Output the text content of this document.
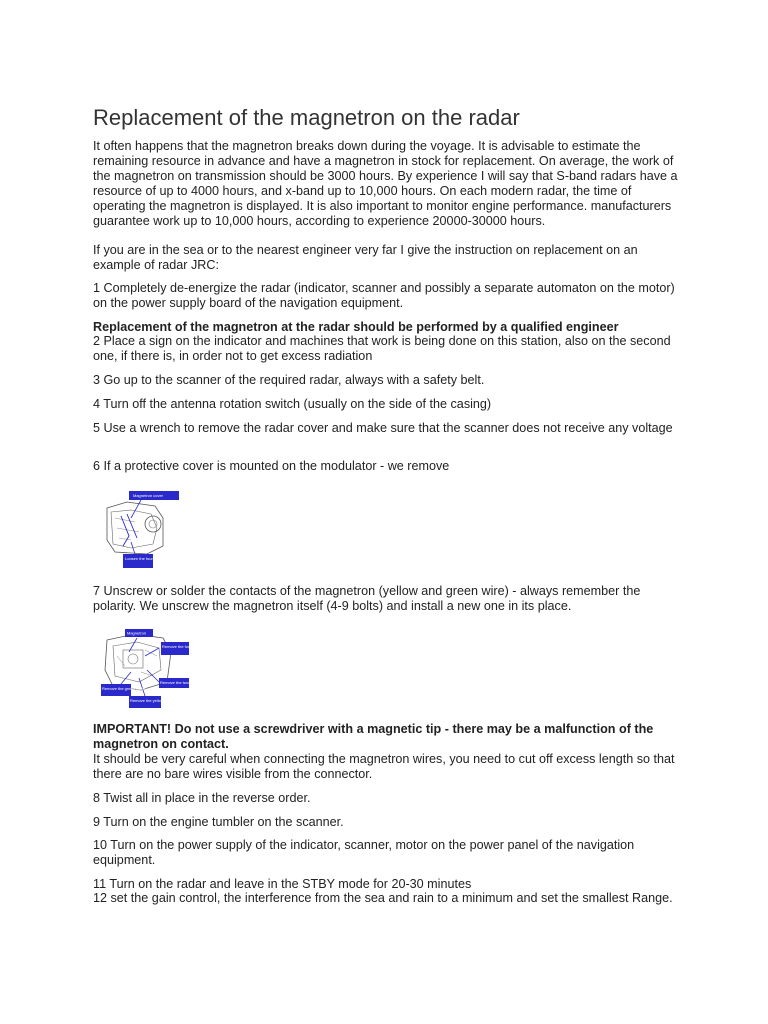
Replacement of the magnetron on the radar

It often happens that the magnetron breaks down during the voyage. It is advisable to estimate the remaining resource in advance and have a magnetron in stock for replacement. On average, the work of the magnetron on transmission should be 3000 hours. By experience I will say that S-band radars have a resource of up to 4000 hours, and x-band up to 10,000 hours. On each modern radar, the time of operating the magnetron is displayed. It is also important to monitor engine performance. manufacturers guarantee work up to 10,000 hours, according to experience 20000-30000 hours.

If you are in the sea or to the nearest engineer very far I give the instruction on replacement on an example of radar JRC:

1 Completely de-energize the radar (indicator, scanner and possibly a separate automaton on the motor) on the power supply board of the navigation equipment.

Replacement of the magnetron at the radar should be performed by a qualified engineer

2 Place a sign on the indicator and machines that work is being done on this station, also on the second one, if there is, in order not to get excess radiation

3 Go up to the scanner of the required radar, always with a safety belt.

4 Turn off the antenna rotation switch (usually on the side of the casing)

5 Use a wrench to remove the radar cover and make sure that the scanner does not receive any voltage

6 If a protective cover is mounted on the modulator - we remove

Magnetron cover
Loosen the four screws.

7 Unscrew or solder the contacts of the magnetron (yellow and green wire) - always remember the polarity. We unscrew the magnetron itself (4-9 bolts) and install a new one in its place.

Magnetron
Remove the four screws.
Remove the two screws.
Remove the green cable.
Remove the yellow cable.

IMPORTANT! Do not use a screwdriver with a magnetic tip - there may be a malfunction of the magnetron on contact.

It should be very careful when connecting the magnetron wires, you need to cut off excess length so that there are no bare wires visible from the connector.

8 Twist all in place in the reverse order.

9 Turn on the engine tumbler on the scanner.

10 Turn on the power supply of the indicator, scanner, motor on the power panel of the navigation equipment.

11 Turn on the radar and leave in the STBY mode for 20-30 minutes

12 set the gain control, the interference from the sea and rain to a minimum and set the smallest Range.
